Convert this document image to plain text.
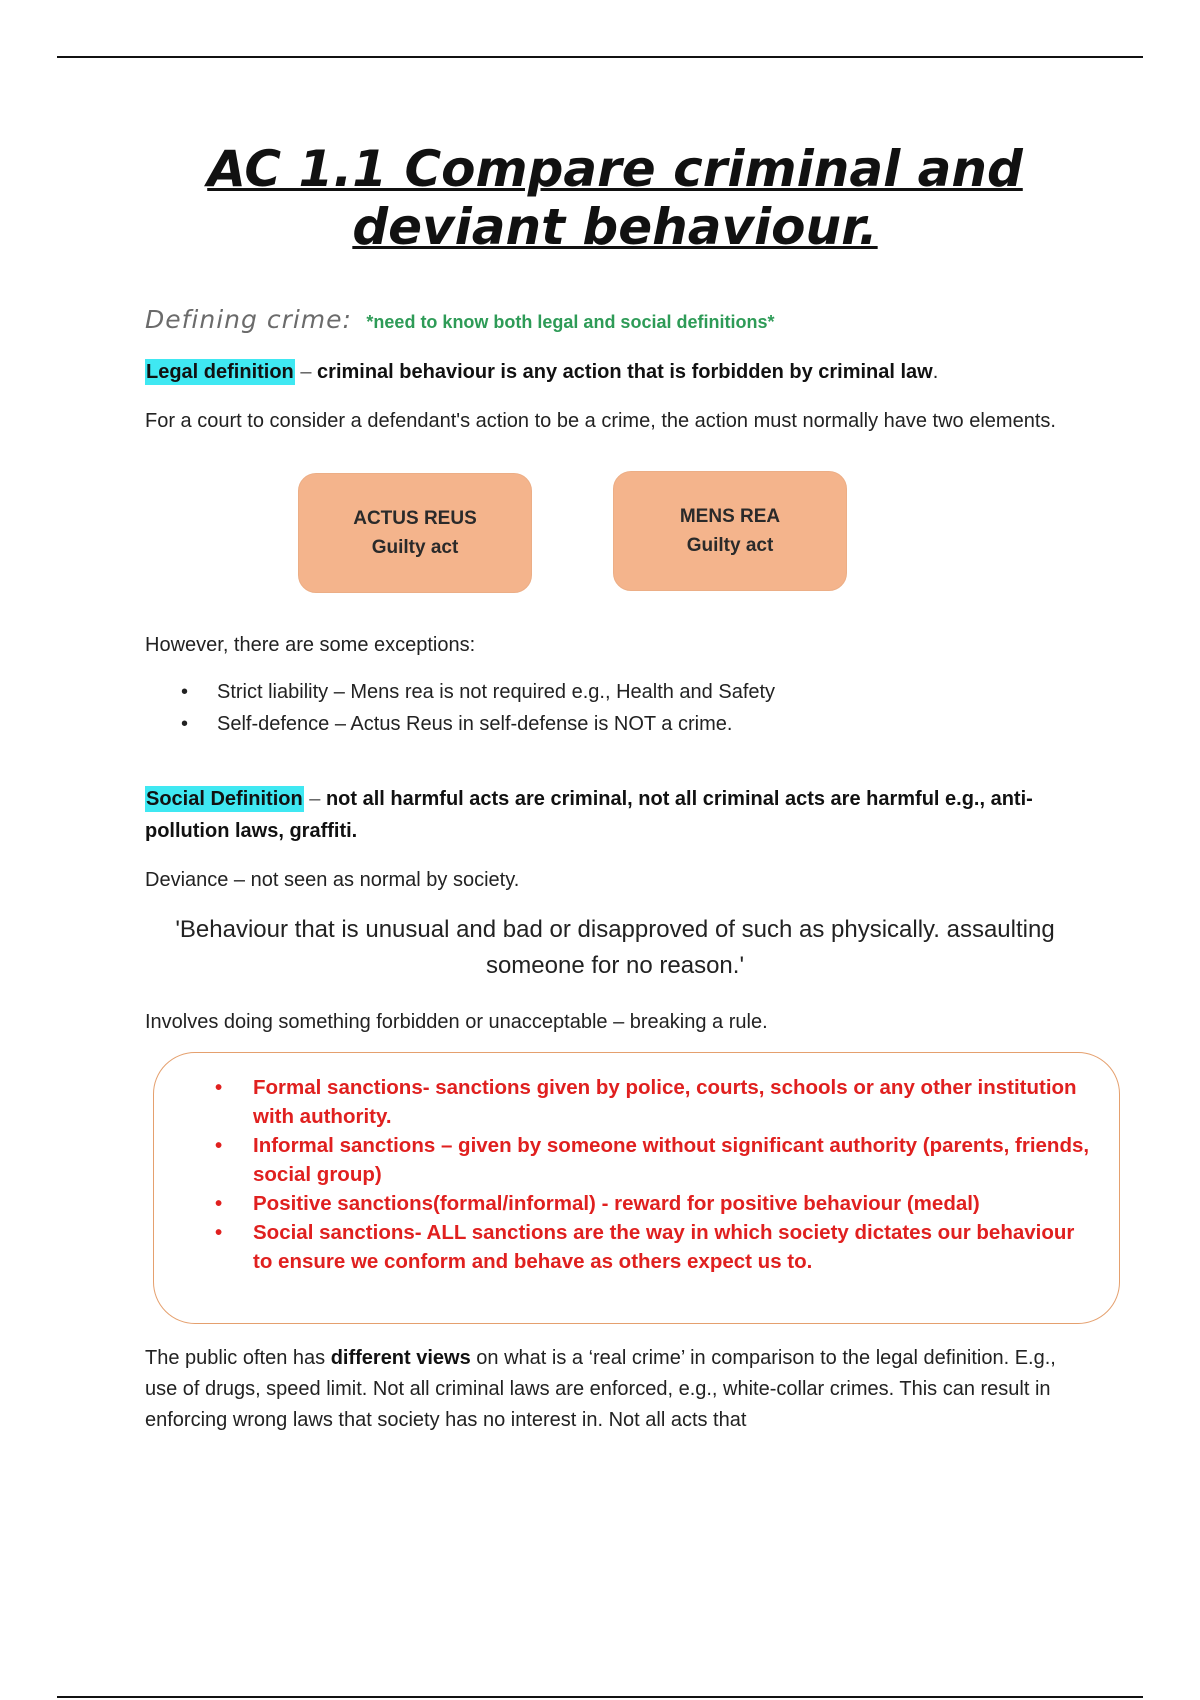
AC 1.1 Compare criminal and
deviant behaviour.
Defining crime: *need to know both legal and social definitions*

Legal definition – criminal behaviour is any action that is forbidden by criminal law.

For a court to consider a defendant's action to be a crime, the action must normally have two elements.

ACTUS REUS
Guilty act
MENS REA
Guilty act

However, there are some exceptions:

• Strict liability – Mens rea is not required e.g., Health and Safety
• Self-defence – Actus Reus in self-defense is NOT a crime.

Social Definition – not all harmful acts are criminal, not all criminal acts are harmful e.g., anti-pollution laws, graffiti.

Deviance – not seen as normal by society.

'Behaviour that is unusual and bad or disapproved of such as physically. assaulting someone for no reason.'

Involves doing something forbidden or unacceptable – breaking a rule.

• Formal sanctions- sanctions given by police, courts, schools or any other institution with authority.
• Informal sanctions – given by someone without significant authority (parents, friends, social group)
• Positive sanctions(formal/informal) - reward for positive behaviour (medal)
• Social sanctions- ALL sanctions are the way in which society dictates our behaviour to ensure we conform and behave as others expect us to.

The public often has different views on what is a ‘real crime’ in comparison to the legal definition. E.g., use of drugs, speed limit. Not all criminal laws are enforced, e.g., white-collar crimes. This can result in enforcing wrong laws that society has no interest in. Not all acts that
